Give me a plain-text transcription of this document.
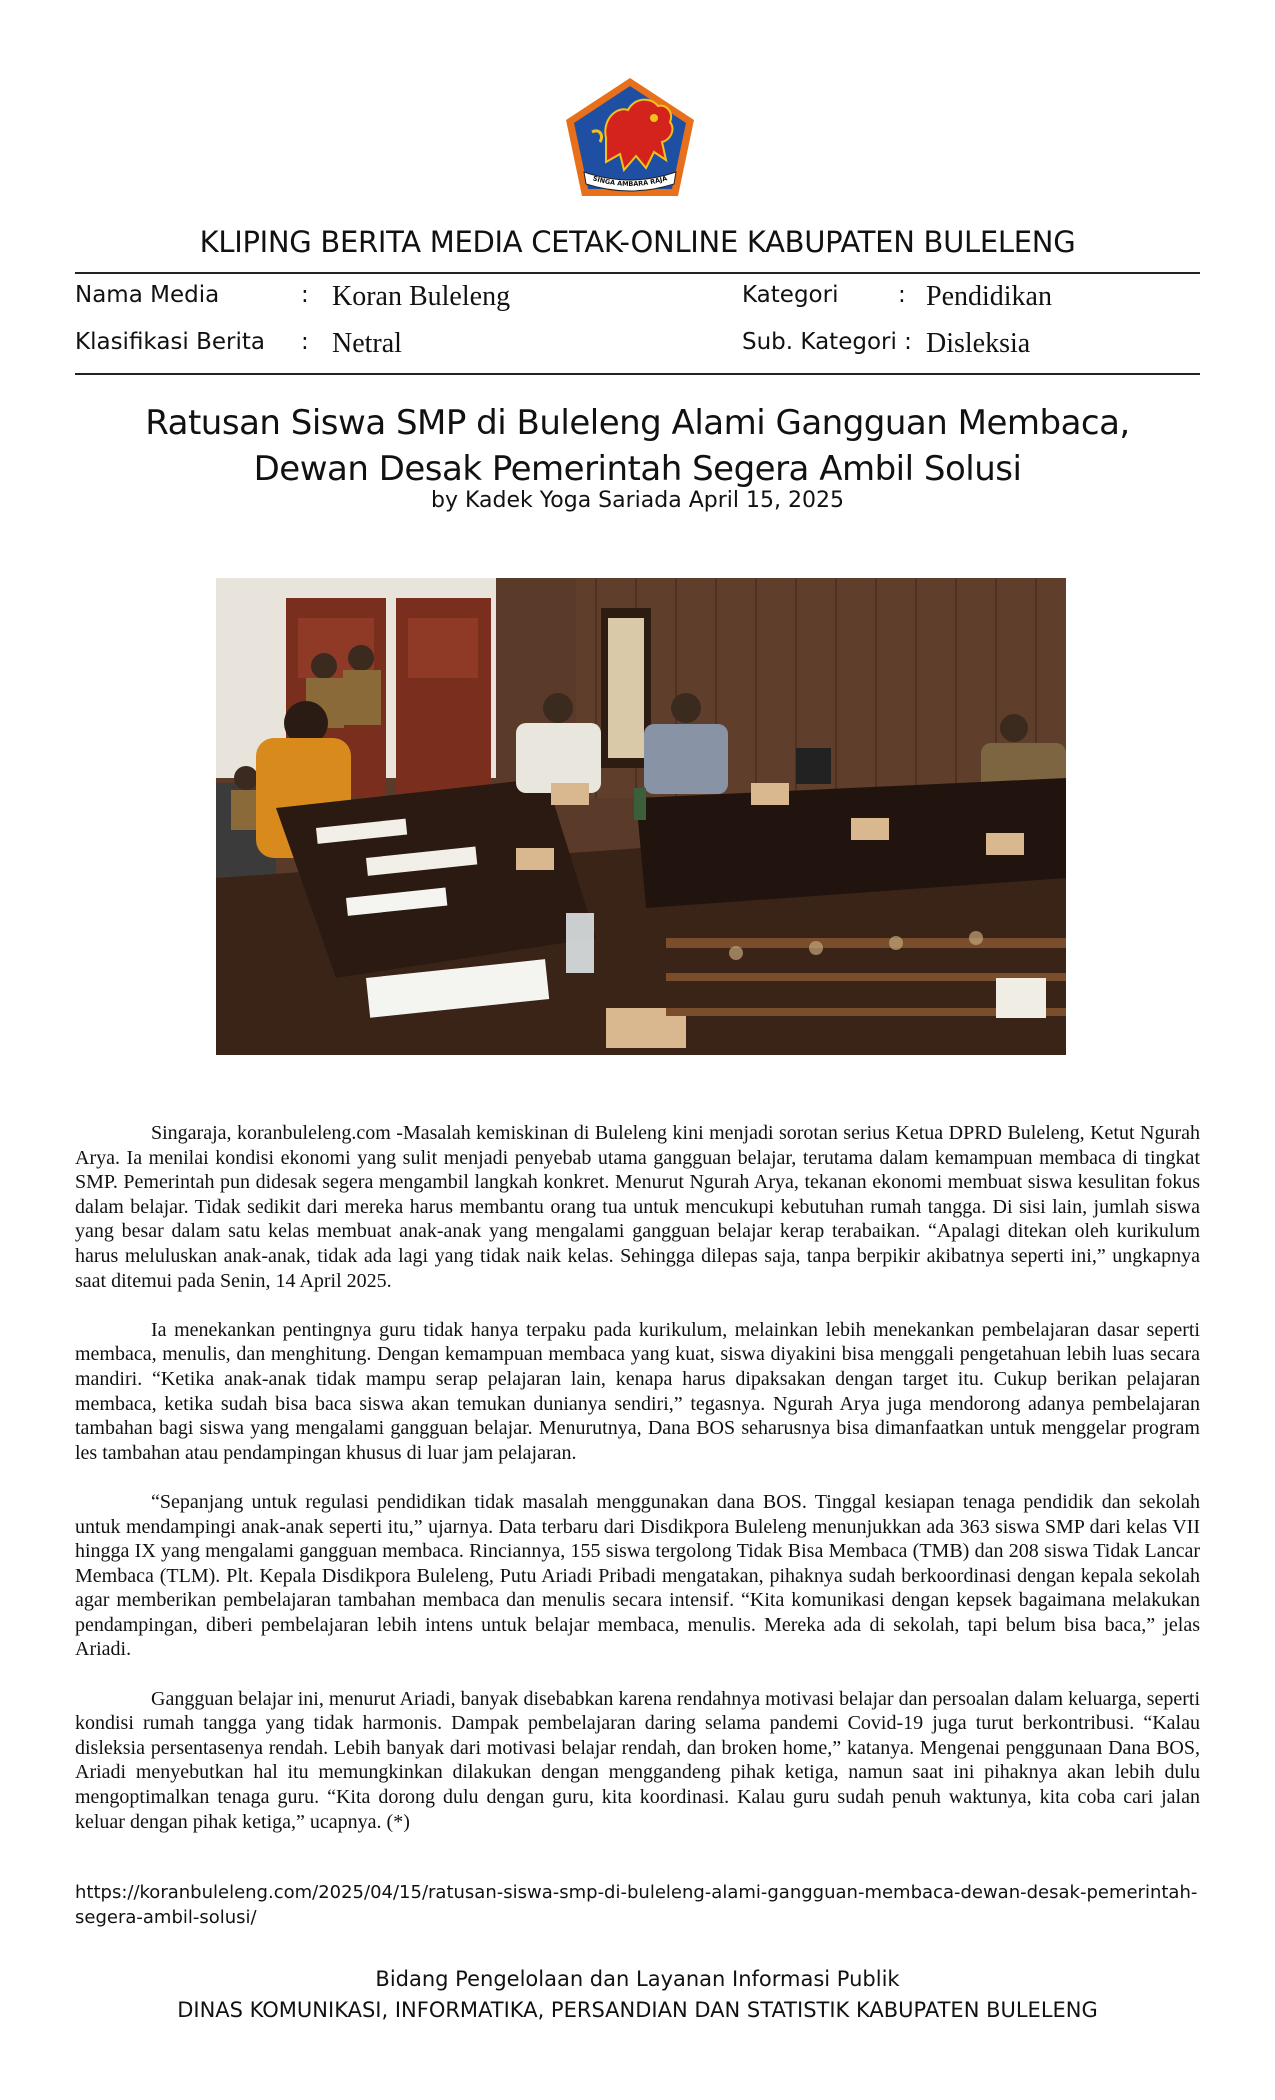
SINGA AMBARA RAJA
KLIPING BERITA MEDIA CETAK-ONLINE KABUPATEN BULELENG
Nama Media	: Koran Buleleng	Kategori	: Pendidikan
Klasifikasi Berita : Netral	Sub. Kategori : Disleksia
Ratusan Siswa SMP di Buleleng Alami Gangguan Membaca,
Dewan Desak Pemerintah Segera Ambil Solusi
by Kadek Yoga Sariada April 15, 2025

Singaraja, koranbuleleng.com -Masalah kemiskinan di Buleleng kini menjadi sorotan serius Ketua DPRD Buleleng, Ketut Ngurah Arya. Ia menilai kondisi ekonomi yang sulit menjadi penyebab utama gangguan belajar, terutama dalam kemampuan membaca di tingkat SMP. Pemerintah pun didesak segera mengambil langkah konkret. Menurut Ngurah Arya, tekanan ekonomi membuat siswa kesulitan fokus dalam belajar. Tidak sedikit dari mereka harus membantu orang tua untuk mencukupi kebutuhan rumah tangga. Di sisi lain, jumlah siswa yang besar dalam satu kelas membuat anak-anak yang mengalami gangguan belajar kerap terabaikan. “Apalagi ditekan oleh kurikulum harus meluluskan anak-anak, tidak ada lagi yang tidak naik kelas. Sehingga dilepas saja, tanpa berpikir akibatnya seperti ini,” ungkapnya saat ditemui pada Senin, 14 April 2025.

Ia menekankan pentingnya guru tidak hanya terpaku pada kurikulum, melainkan lebih menekankan pembelajaran dasar seperti membaca, menulis, dan menghitung. Dengan kemampuan membaca yang kuat, siswa diyakini bisa menggali pengetahuan lebih luas secara mandiri. “Ketika anak-anak tidak mampu serap pelajaran lain, kenapa harus dipaksakan dengan target itu. Cukup berikan pelajaran membaca, ketika sudah bisa baca siswa akan temukan dunianya sendiri,” tegasnya. Ngurah Arya juga mendorong adanya pembelajaran tambahan bagi siswa yang mengalami gangguan belajar. Menurutnya, Dana BOS seharusnya bisa dimanfaatkan untuk menggelar program les tambahan atau pendampingan khusus di luar jam pelajaran.

“Sepanjang untuk regulasi pendidikan tidak masalah menggunakan dana BOS. Tinggal kesiapan tenaga pendidik dan sekolah untuk mendampingi anak-anak seperti itu,” ujarnya. Data terbaru dari Disdikpora Buleleng menunjukkan ada 363 siswa SMP dari kelas VII hingga IX yang mengalami gangguan membaca. Rinciannya, 155 siswa tergolong Tidak Bisa Membaca (TMB) dan 208 siswa Tidak Lancar Membaca (TLM). Plt. Kepala Disdikpora Buleleng, Putu Ariadi Pribadi mengatakan, pihaknya sudah berkoordinasi dengan kepala sekolah agar memberikan pembelajaran tambahan membaca dan menulis secara intensif. “Kita komunikasi dengan kepsek bagaimana melakukan pendampingan, diberi pembelajaran lebih intens untuk belajar membaca, menulis. Mereka ada di sekolah, tapi belum bisa baca,” jelas Ariadi.

Gangguan belajar ini, menurut Ariadi, banyak disebabkan karena rendahnya motivasi belajar dan persoalan dalam keluarga, seperti kondisi rumah tangga yang tidak harmonis. Dampak pembelajaran daring selama pandemi Covid-19 juga turut berkontribusi. “Kalau disleksia persentasenya rendah. Lebih banyak dari motivasi belajar rendah, dan broken home,” katanya. Mengenai penggunaan Dana BOS, Ariadi menyebutkan hal itu memungkinkan dilakukan dengan menggandeng pihak ketiga, namun saat ini pihaknya akan lebih dulu mengoptimalkan tenaga guru. “Kita dorong dulu dengan guru, kita koordinasi. Kalau guru sudah penuh waktunya, kita coba cari jalan keluar dengan pihak ketiga,” ucapnya. (*)

https://koranbuleleng.com/2025/04/15/ratusan-siswa-smp-di-buleleng-alami-gangguan-membaca-dewan-desak-pemerintah-segera-ambil-solusi/
Bidang Pengelolaan dan Layanan Informasi Publik
DINAS KOMUNIKASI, INFORMATIKA, PERSANDIAN DAN STATISTIK KABUPATEN BULELENG
